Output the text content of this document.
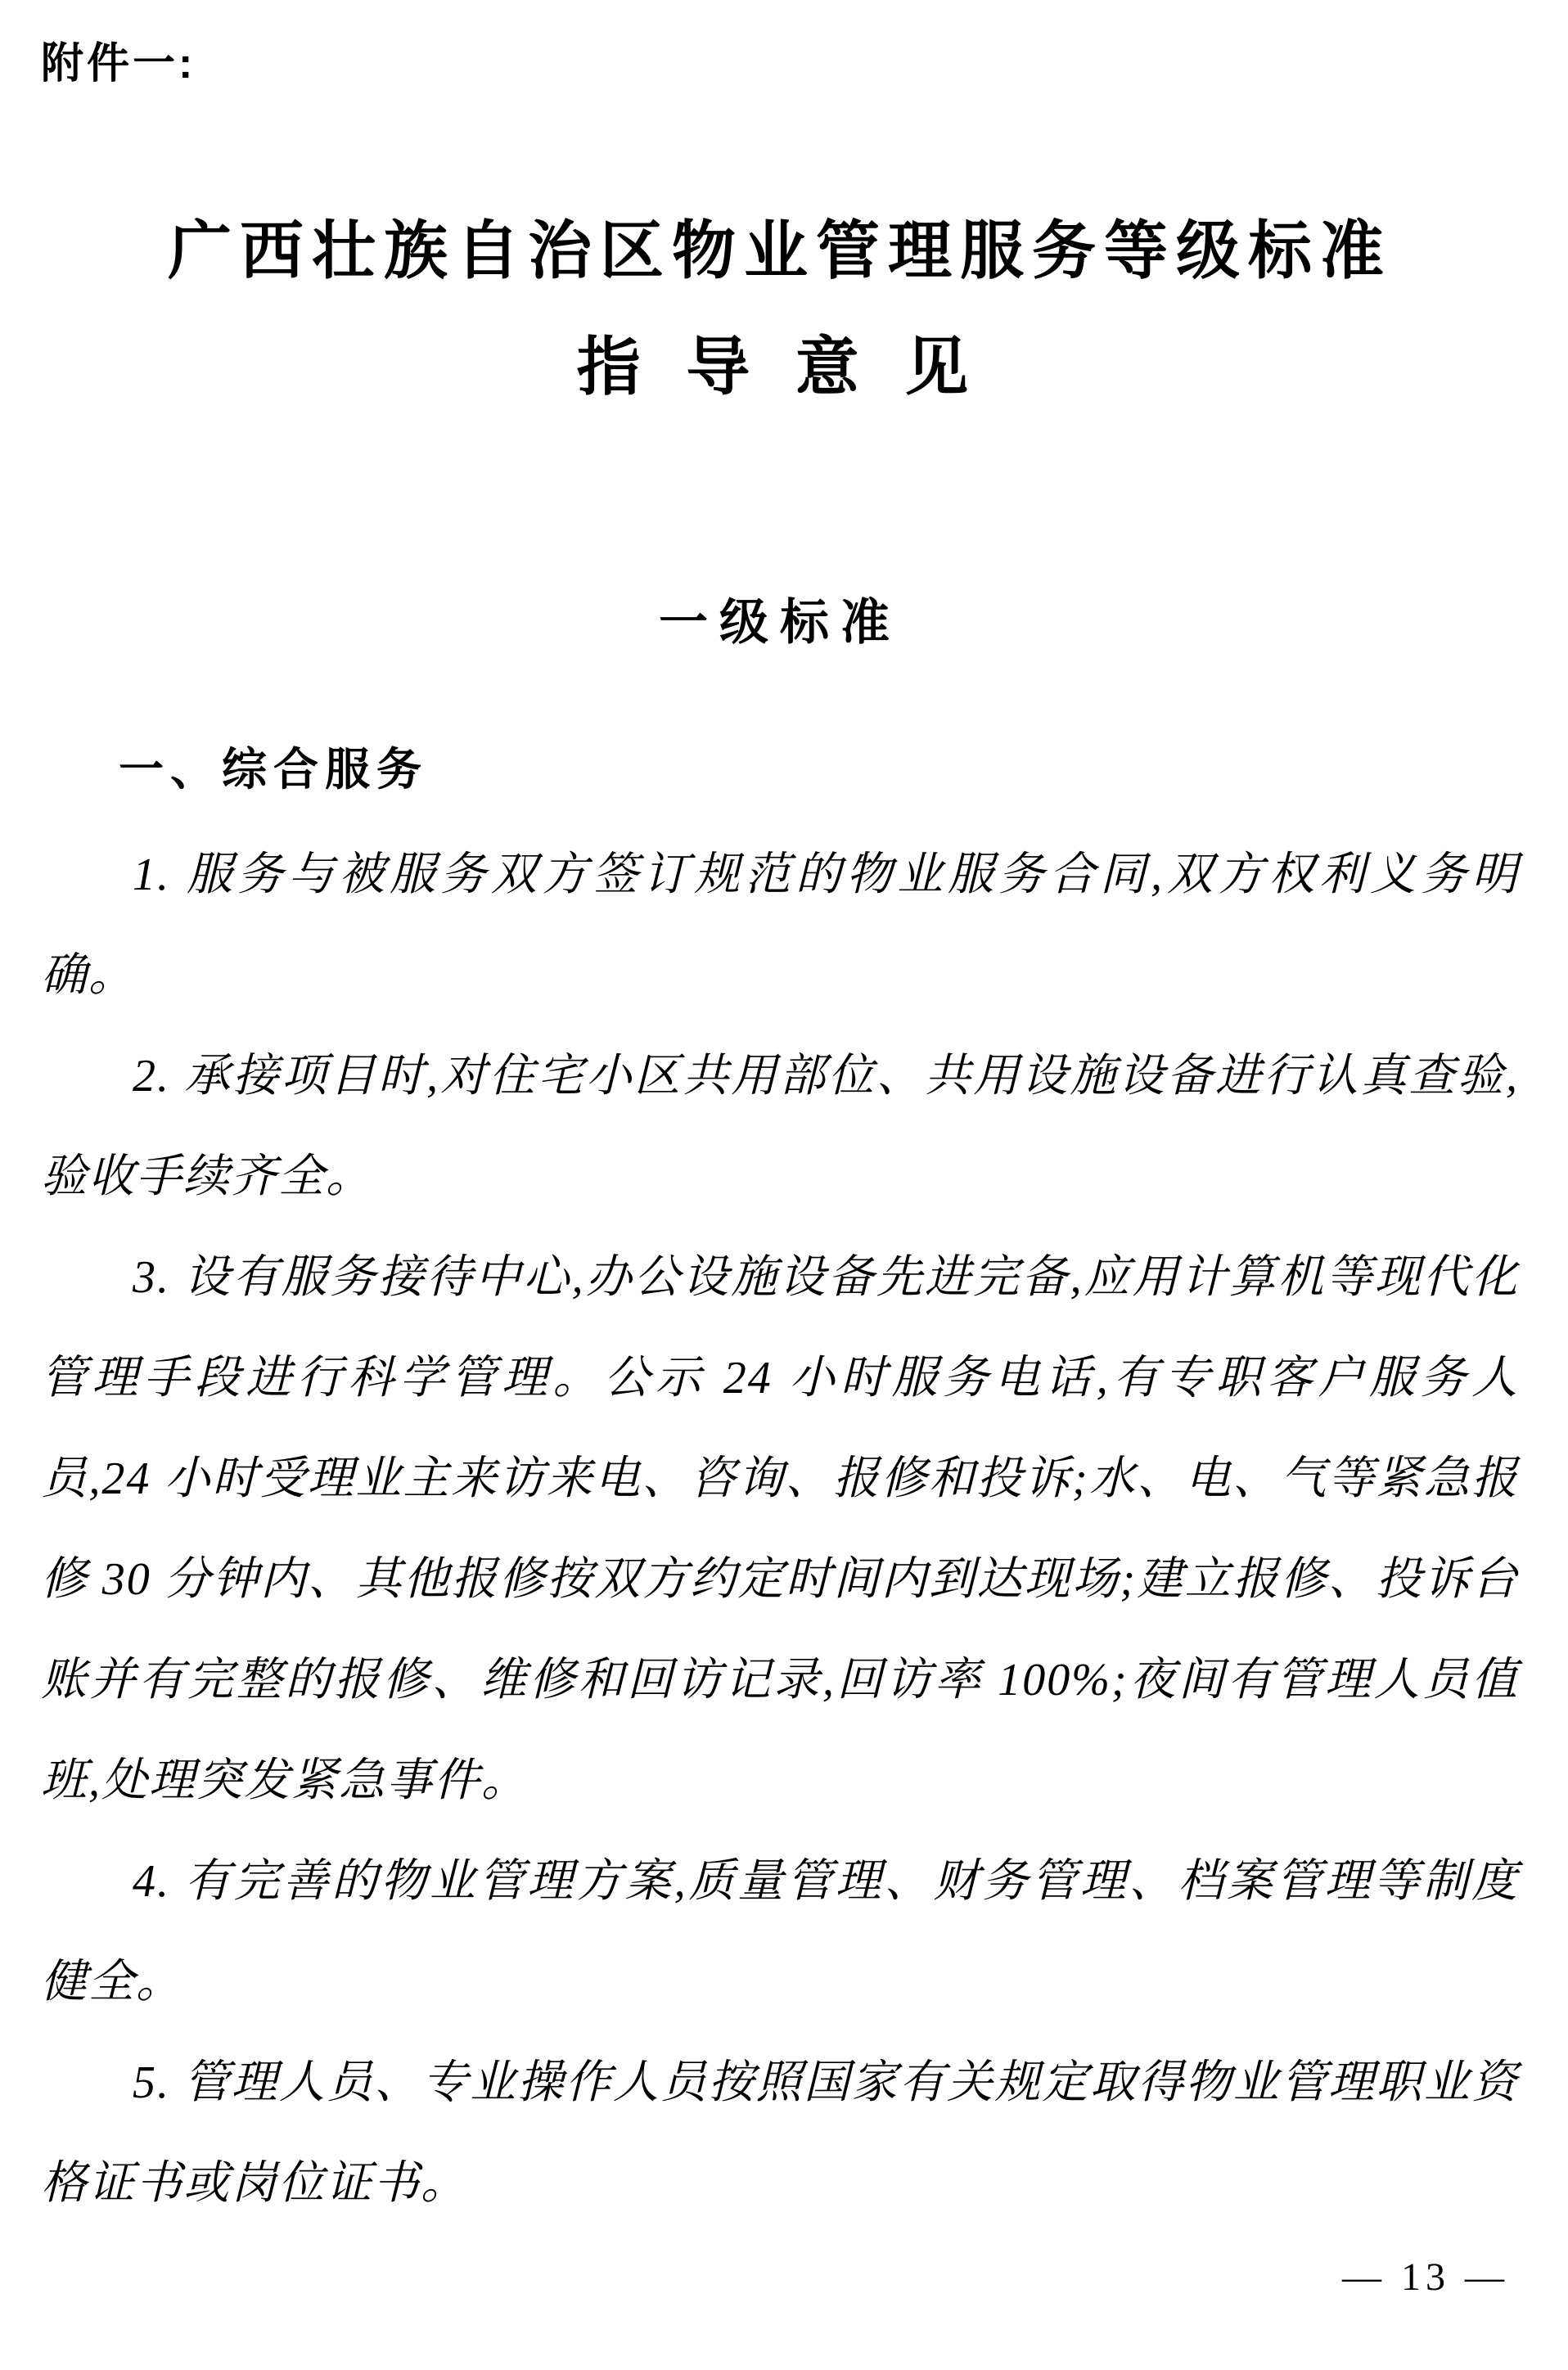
附件一:
广西壮族自治区物业管理服务等级标准
指 导 意 见
一级标准
一、综合服务

1. 服务与被服务双方签订规范的物业服务合同,双方权利义务明确。

2. 承接项目时,对住宅小区共用部位、共用设施设备进行认真查验,验收手续齐全。

3. 设有服务接待中心,办公设施设备先进完备,应用计算机等现代化管理手段进行科学管理。公示 24 小时服务电话,有专职客户服务人员,24 小时受理业主来访来电、咨询、报修和投诉;水、电、气等紧急报修 30 分钟内、其他报修按双方约定时间内到达现场;建立报修、投诉台账并有完整的报修、维修和回访记录,回访率 100%;夜间有管理人员值班,处理突发紧急事件。

4. 有完善的物业管理方案,质量管理、财务管理、档案管理等制度健全。

5. 管理人员、专业操作人员按照国家有关规定取得物业管理职业资格证书或岗位证书。

— 13 —
